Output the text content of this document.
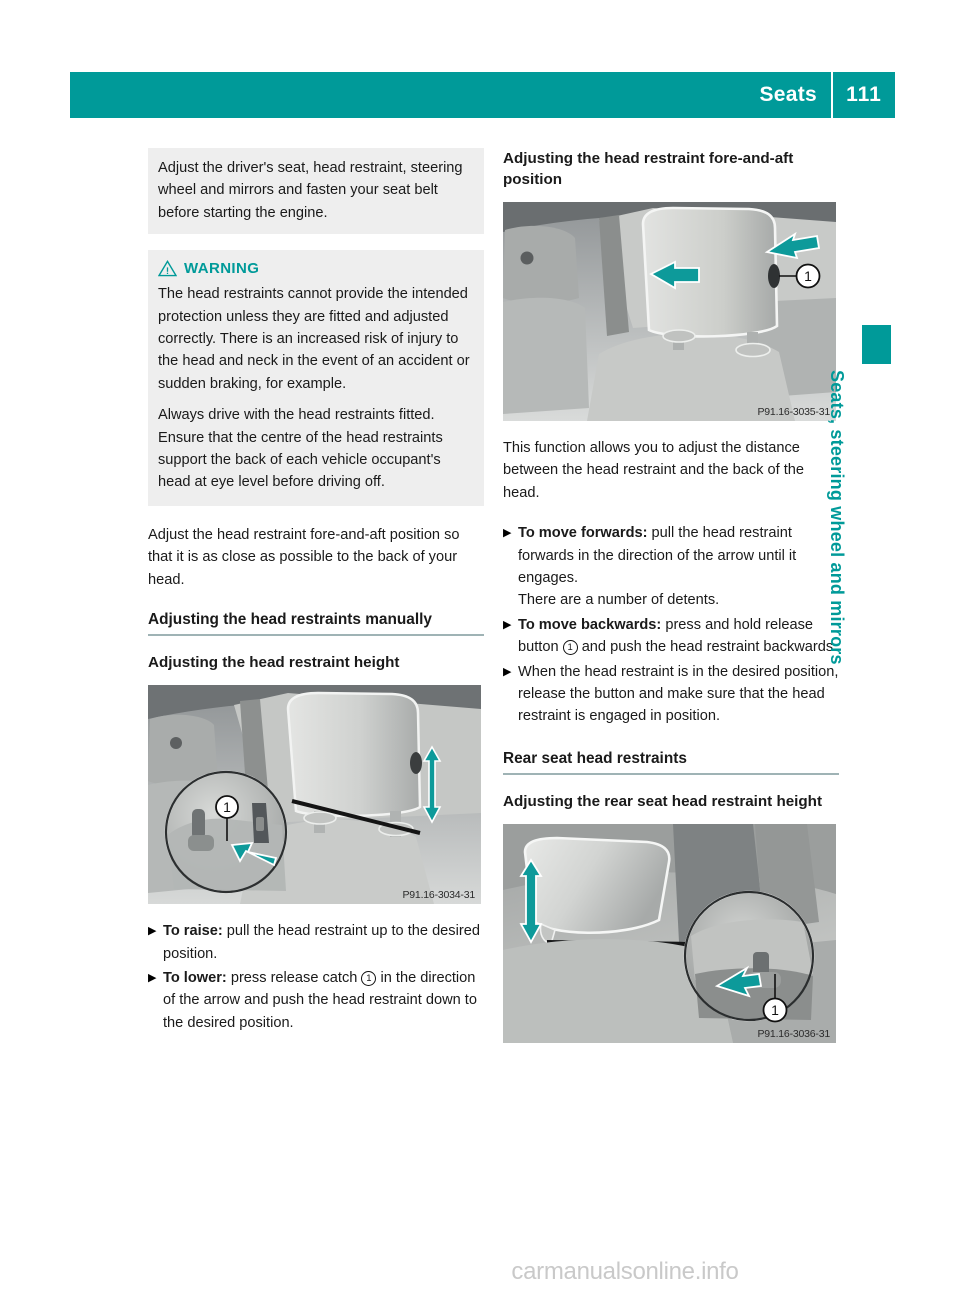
Seats	111

Adjust the driver's seat, head restraint, steering wheel and mirrors and fasten your seat belt before starting the engine.

WARNING

The head restraints cannot provide the intended protection unless they are fitted and adjusted correctly. There is an increased risk of injury to the head and neck in the event of an accident or sudden braking, for example.

Always drive with the head restraints fitted. Ensure that the centre of the head restraints support the back of each vehicle occupant's head at eye level before driving off.

Adjust the head restraint fore-and-aft position so that it is as close as possible to the back of your head.

Adjusting the head restraints manually
Adjusting the head restraint height
1
P91.16-3034-31
▶ To raise: pull the head restraint up to the desired position.
▶ To lower: press release catch 1 in the direction of the arrow and push the head restraint down to the desired position.
Adjusting the head restraint fore-and-aft position
1
P91.16-3035-31

This function allows you to adjust the distance between the head restraint and the back of the head.

▶ To move forwards: pull the head restraint forwards in the direction of the arrow until it engages.
There are a number of detents.
▶ To move backwards: press and hold release button 1 and push the head restraint backwards.
▶ When the head restraint is in the desired position, release the button and make sure that the head restraint is engaged in position.
Rear seat head restraints
Adjusting the rear seat head restraint height
1
P91.16-3036-31
Seats, steering wheel and mirrors
carmanualsonline.info
